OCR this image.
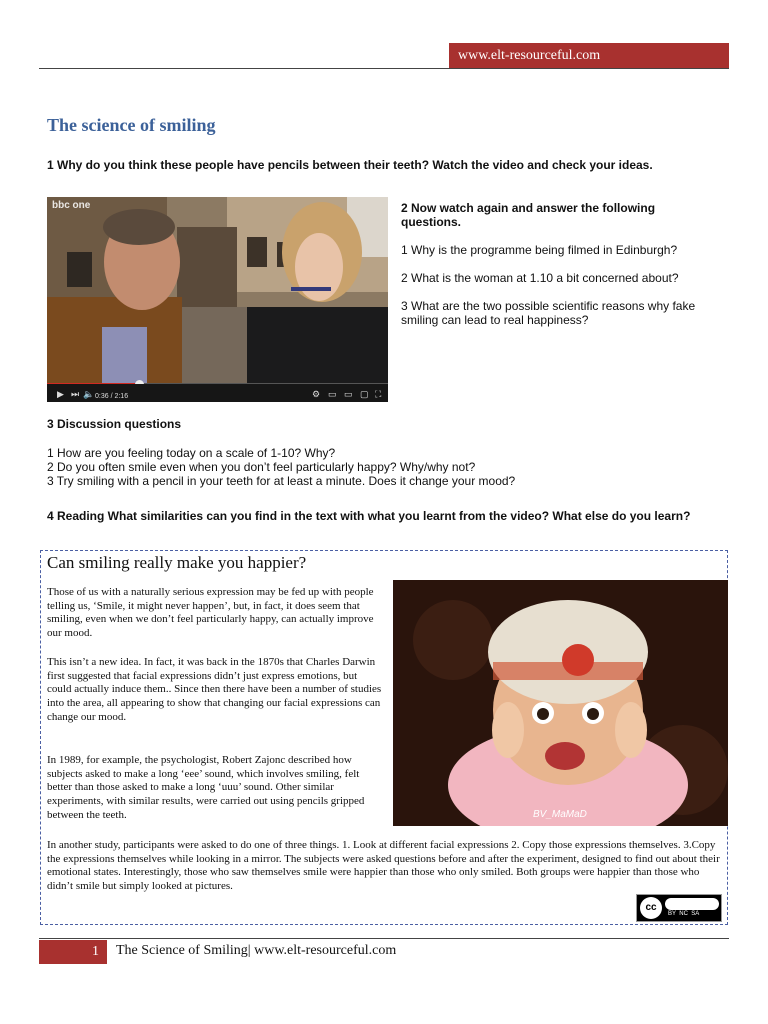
www.elt-resourceful.com
The science of smiling
1 Why do you think these people have pencils between their teeth? Watch the video and check your ideas.
bbc one
▶ ⏭ 🔈 0:36 / 2:16	⚙ ▭ ▭ ▢ ⛶
2 Now watch again and answer the following questions.
1 Why is the programme being filmed in Edinburgh?
2 What is the woman at 1.10 a bit concerned about?
3 What are the two possible scientific reasons why fake smiling can lead to real happiness?
3 Discussion questions
1 How are you feeling today on a scale of 1-10? Why?
2 Do you often smile even when you don’t feel particularly happy? Why/why not?
3 Try smiling with a pencil in your teeth for at least a minute. Does it change your mood?
4 Reading What similarities can you find in the text with what you learnt from the video? What else do you learn?
Can smiling really make you happier?
Those of us with a naturally serious expression may be fed up with people telling us, ‘Smile, it might never happen’, but, in fact, it does seem that smiling, even when we don’t feel particularly happy, can actually improve our mood.
This isn’t a new idea. In fact, it was back in the 1870s that Charles Darwin first suggested that facial expressions didn’t just express emotions, but could actually induce them.. Since then there have been a number of studies into the area, all appearing to show that changing our facial expressions can change our mood.
In 1989, for example, the psychologist, Robert Zajonc described how subjects asked to make a long ‘eee’ sound, which involves smiling, felt better than those asked to make a long ‘uuu’ sound. Other similar experiments, with similar results, were carried out using pencils gripped between the teeth.	BV_MaMaD
In another study, participants were asked to do one of three things. 1. Look at different facial expressions 2. Copy those expressions themselves. 3.Copy the expressions themselves while looking in a mirror. The subjects were asked questions before and after the experiment, designed to find out about their emotional states. Interestingly, those who saw themselves smile were happier than those who only smiled. Both groups were happier than those who didn’t smile but simply looked at pictures.
cc
BY  NC  SA
1	The Science of Smiling| www.elt-resourceful.com
